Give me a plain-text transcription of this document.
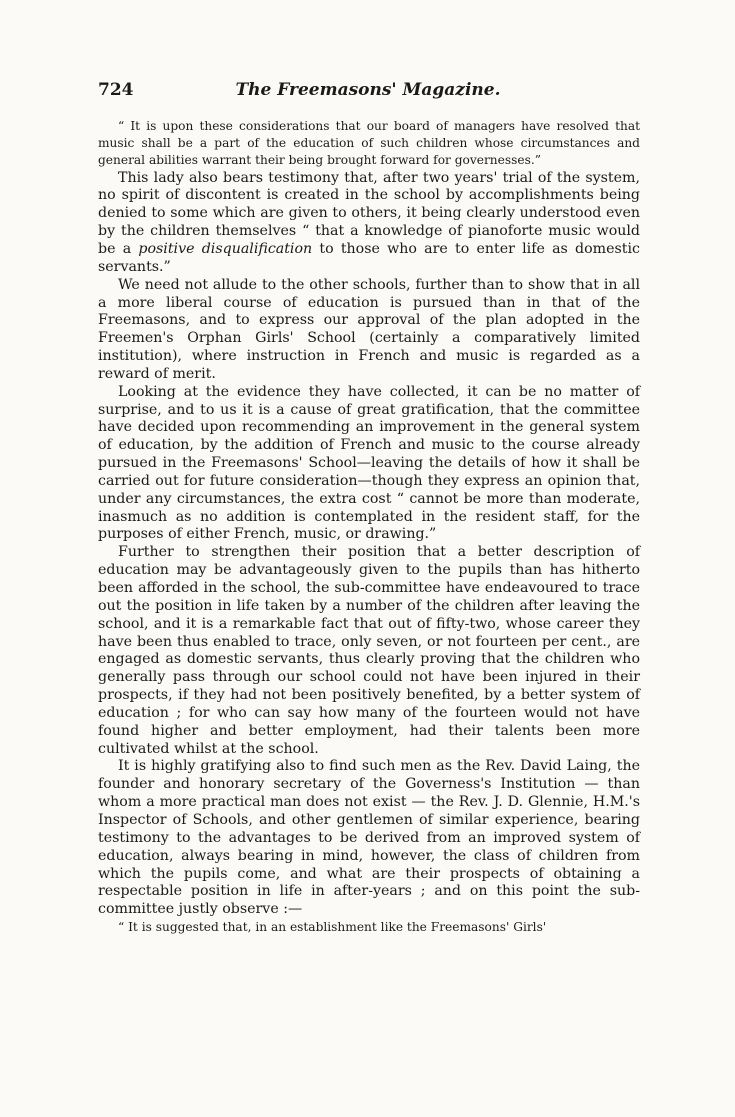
724	The Freemasons' Magazine.

“ It is upon these considerations that our board of managers have resolved that music shall be a part of the education of such children whose circumstances and general abilities warrant their being brought forward for governesses.”

This lady also bears testimony that, after two years' trial of the system, no spirit of discontent is created in the school by accomplishments being denied to some which are given to others, it being clearly understood even by the children themselves “ that a knowledge of pianoforte music would be a positive disqualification to those who are to enter life as domestic servants.”

We need not allude to the other schools, further than to show that in all a more liberal course of education is pursued than in that of the Freemasons, and to express our approval of the plan adopted in the Freemen's Orphan Girls' School (certainly a comparatively limited institution), where instruction in French and music is regarded as a reward of merit.

Looking at the evidence they have collected, it can be no matter of surprise, and to us it is a cause of great gratification, that the committee have decided upon recommending an improvement in the general system of education, by the addition of French and music to the course already pursued in the Freemasons' School—leaving the details of how it shall be carried out for future consideration—though they express an opinion that, under any circumstances, the extra cost “ cannot be more than moderate, inasmuch as no addition is contemplated in the resident staff, for the purposes of either French, music, or drawing.”

Further to strengthen their position that a better description of education may be advantageously given to the pupils than has hitherto been afforded in the school, the sub-committee have endeavoured to trace out the position in life taken by a number of the children after leaving the school, and it is a remarkable fact that out of fifty-two, whose career they have been thus enabled to trace, only seven, or not fourteen per cent., are engaged as domestic servants, thus clearly proving that the children who generally pass through our school could not have been injured in their prospects, if they had not been positively benefited, by a better system of education ; for who can say how many of the fourteen would not have found higher and better employment, had their talents been more cultivated whilst at the school.

It is highly gratifying also to find such men as the Rev. David Laing, the founder and honorary secretary of the Governess's Institution — than whom a more practical man does not exist — the Rev. J. D. Glennie, H.M.'s Inspector of Schools, and other gentlemen of similar experience, bearing testimony to the advantages to be derived from an improved system of education, always bearing in mind, however, the class of children from which the pupils come, and what are their prospects of obtaining a respectable position in life in after-years ; and on this point the sub-committee justly observe :—

“ It is suggested that, in an establishment like the Freemasons' Girls'
